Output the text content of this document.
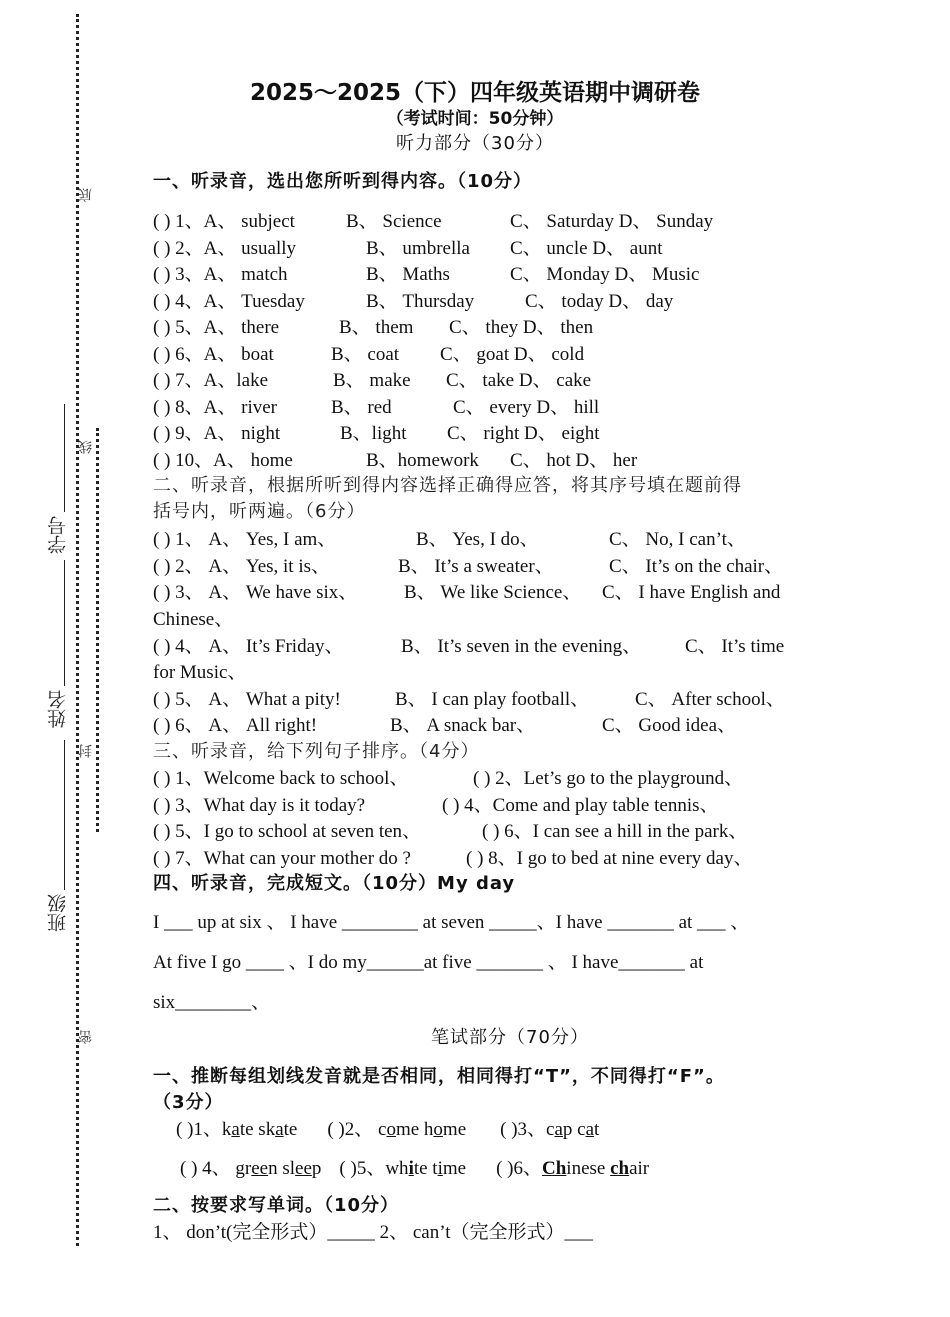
底
线
封
密
学号
姓名
班级
2025～2025（下）四年级英语期中调研卷
（考试时间：50分钟）
听力部分（30分）
一、听录音，选出您所听到得内容。（10分）
( ) 1、A、 subject	B、 Science	C、 Saturday D、 Sunday
( ) 2、A、 usually	B、 umbrella C、 uncle D、 aunt
( ) 3、A、 match	B、 Maths	C、 Monday D、 Music
( ) 4、A、 Tuesday	B、 Thursday	C、 today D、 day
( ) 5、A、 there	B、 them C、 they D、 then
( ) 6、A、 boat	B、 coat C、 goat D、 cold
( ) 7、A、lake	B、 make C、 take D、 cake
( ) 8、A、 river	B、 red	C、 every D、 hill
( ) 9、A、 night	B、light C、 right D、 eight
( ) 10、A、 home	B、homework C、 hot D、 her
二、听录音，根据所听到得内容选择正确得应答，将其序号填在题前得
括号内，听两遍。（6分）
( ) 1、 A、 Yes, I am、	B、 Yes, I do、	C、 No, I can’t、
( ) 2、 A、 Yes, it is、	B、 It’s a sweater、	C、 It’s on the chair、
( ) 3、 A、 We have six、 B、 We like Science、 C、 I have English and
Chinese、
( ) 4、 A、 It’s Friday、	B、 It’s seven in the evening、 C、 It’s time
for Music、
( ) 5、 A、 What a pity!	B、 I can play football、 C、 After school、
( ) 6、 A、 All right!	B、 A snack bar、	C、 Good idea、
三、听录音，给下列句子排序。（4分）
( ) 1、Welcome back to school、	( ) 2、Let’s go to the playground、
( ) 3、What day is it today?	( ) 4、Come and play table tennis、
( ) 5、I go to school at seven ten、	( ) 6、I can see a hill in the park、
( ) 7、What can your mother do ?	( ) 8、I go to bed at nine every day、
四、听录音，完成短文。（10分）My day
I ___ up at six 、 I have ________ at seven _____、I have _______ at ___ 、
At five I go ____ 、I do my______at five _______ 、 I have_______ at
six________、
笔试部分（70分）
一、推断每组划线发音就是否相同，相同得打“T”，不同得打“F”。
（3分）
( )1、kate skate ( )2、 come home ( )3、cap cat
( ) 4、 green sleep ( )5、white time ( )6、Chinese chair
二、按要求写单词。（10分）
1、 don’t(完全形式）_____ 2、 can’t（完全形式）___
